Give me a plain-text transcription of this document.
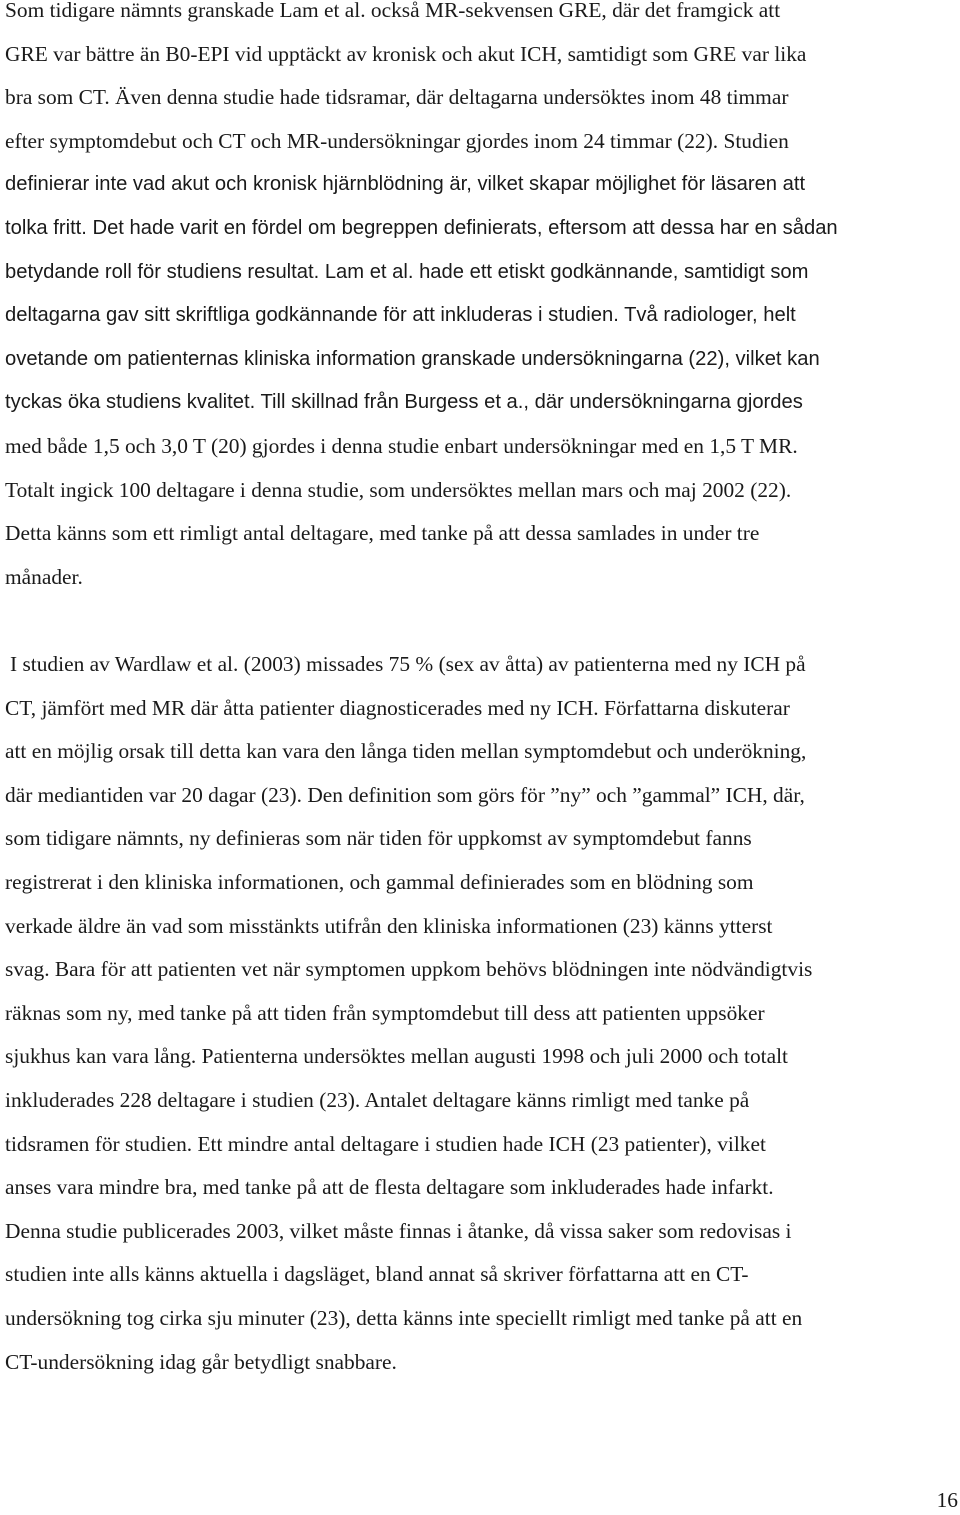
Som tidigare nämnts granskade Lam et al. också MR-sekvensen GRE, där det framgick att
GRE var bättre än B0-EPI vid upptäckt av kronisk och akut ICH, samtidigt som GRE var lika
bra som CT. Även denna studie hade tidsramar, där deltagarna undersöktes inom 48 timmar
efter symptomdebut och CT och MR-undersökningar gjordes inom 24 timmar (22). Studien
definierar inte vad akut och kronisk hjärnblödning är, vilket skapar möjlighet för läsaren att
tolka fritt. Det hade varit en fördel om begreppen definierats, eftersom att dessa har en sådan
betydande roll för studiens resultat. Lam et al. hade ett etiskt godkännande, samtidigt som
deltagarna gav sitt skriftliga godkännande för att inkluderas i studien. Två radiologer, helt
ovetande om patienternas kliniska information granskade undersökningarna (22), vilket kan
tyckas öka studiens kvalitet. Till skillnad från Burgess et a., där undersökningarna gjordes
med både 1,5 och 3,0 T (20) gjordes i denna studie enbart undersökningar med en 1,5 T MR.
Totalt ingick 100 deltagare i denna studie, som undersöktes mellan mars och maj 2002 (22).
Detta känns som ett rimligt antal deltagare, med tanke på att dessa samlades in under tre
månader.
I studien av Wardlaw et al. (2003) missades 75 % (sex av åtta) av patienterna med ny ICH på
CT, jämfört med MR där åtta patienter diagnosticerades med ny ICH. Författarna diskuterar
att en möjlig orsak till detta kan vara den långa tiden mellan symptomdebut och underökning,
där mediantiden var 20 dagar (23). Den definition som görs för ”ny” och ”gammal” ICH, där,
som tidigare nämnts, ny definieras som när tiden för uppkomst av symptomdebut fanns
registrerat i den kliniska informationen, och gammal definierades som en blödning som
verkade äldre än vad som misstänkts utifrån den kliniska informationen (23) känns ytterst
svag. Bara för att patienten vet när symptomen uppkom behövs blödningen inte nödvändigtvis
räknas som ny, med tanke på att tiden från symptomdebut till dess att patienten uppsöker
sjukhus kan vara lång. Patienterna undersöktes mellan augusti 1998 och juli 2000 och totalt
inkluderades 228 deltagare i studien (23). Antalet deltagare känns rimligt med tanke på
tidsramen för studien. Ett mindre antal deltagare i studien hade ICH (23 patienter), vilket
anses vara mindre bra, med tanke på att de flesta deltagare som inkluderades hade infarkt.
Denna studie publicerades 2003, vilket måste finnas i åtanke, då vissa saker som redovisas i
studien inte alls känns aktuella i dagsläget, bland annat så skriver författarna att en CT-
undersökning tog cirka sju minuter (23), detta känns inte speciellt rimligt med tanke på att en
CT-undersökning idag går betydligt snabbare.
16
